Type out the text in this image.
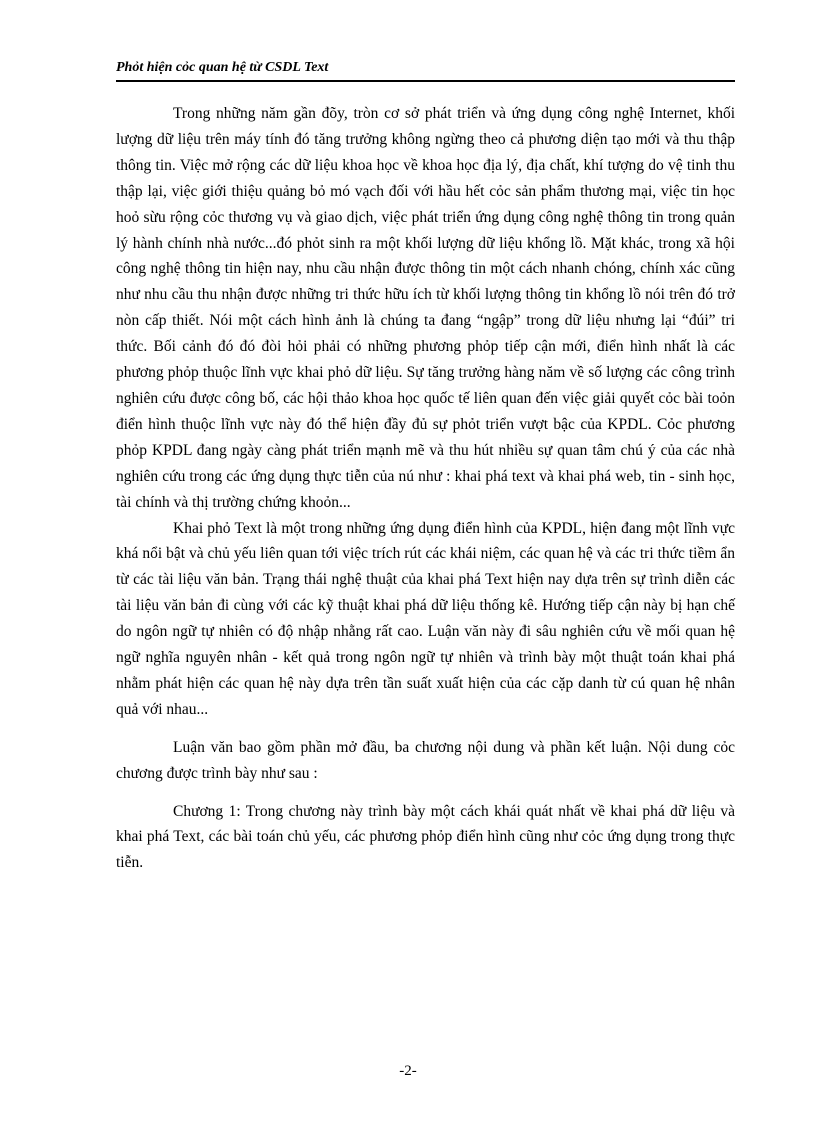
Phỏt hiện cỏc quan hệ từ CSDL Text

Trong những năm gần đõy, tròn cơ sở phát triển và ứng dụng công nghệ Internet, khối lượng dữ liệu trên máy tính đó tăng trưởng không ngừng theo cả phương diện tạo mới và thu thập thông tin. Việc mở rộng các dữ liệu khoa học về khoa học địa lý, địa chất, khí tượng do vệ tinh thu thập lại, việc giới thiệu quảng bỏ mó vạch đối với hầu hết cỏc sản phẩm thương mại, việc tin học hoỏ sừu rộng cỏc thương vụ và giao dịch, việc phát triển ứng dụng công nghệ thông tin trong quản lý hành chính nhà nước...đó phỏt sinh ra một khối lượng dữ liệu khổng lồ. Mặt khác, trong xã hội công nghệ thông tin hiện nay, nhu cầu nhận được thông tin một cách nhanh chóng, chính xác cũng như nhu cầu thu nhận được những tri thức hữu ích từ khối lượng thông tin khổng lồ nói trên đó trở nòn cấp thiết. Nói một cách hình ảnh là chúng ta đang “ngập” trong dữ liệu nhưng lại “đúi” tri thức. Bối cảnh đó đó đòi hỏi phải có những phương phỏp tiếp cận mới, điển hình nhất là các phương phỏp thuộc lĩnh vực khai phỏ dữ liệu. Sự tăng trưởng hàng năm về số lượng các công trình nghiên cứu được công bố, các hội thảo khoa học quốc tế liên quan đến việc giải quyết cỏc bài toỏn điển hình thuộc lĩnh vực này đó thể hiện đầy đủ sự phỏt triển vượt bậc của KPDL. Cỏc phương phỏp KPDL đang ngày càng phát triển mạnh mẽ và thu hút nhiều sự quan tâm chú ý của các nhà nghiên cứu trong các ứng dụng thực tiễn của nú như : khai phá text và khai phá web, tin - sinh học, tài chính và thị trường chứng khoỏn...

Khai phỏ Text là một trong những ứng dụng điển hình của KPDL, hiện đang một lĩnh vực khá nổi bật và chủ yếu liên quan tới việc trích rút các khái niệm, các quan hệ và các tri thức tiềm ẩn từ các tài liệu văn bản. Trạng thái nghệ thuật của khai phá Text hiện nay dựa trên sự trình diễn các tài liệu văn bản đi cùng với các kỹ thuật khai phá dữ liệu thống kê. Hướng tiếp cận này bị hạn chế do ngôn ngữ tự nhiên có độ nhập nhằng rất cao. Luận văn này đi sâu nghiên cứu về mối quan hệ ngữ nghĩa nguyên nhân - kết quả trong ngôn ngữ tự nhiên và trình bày một thuật toán khai phá nhằm phát hiện các quan hệ này dựa trên tần suất xuất hiện của các cặp danh từ cú quan hệ nhân quả với nhau...

Luận văn bao gồm phần mở đầu, ba chương nội dung và phần kết luận. Nội dung cỏc chương được trình bày như sau :

Chương 1: Trong chương này trình bày một cách khái quát nhất về khai phá dữ liệu và khai phá Text, các bài toán chủ yếu, các phương phỏp điển hình cũng như cỏc ứng dụng trong thực tiễn.

-2-
